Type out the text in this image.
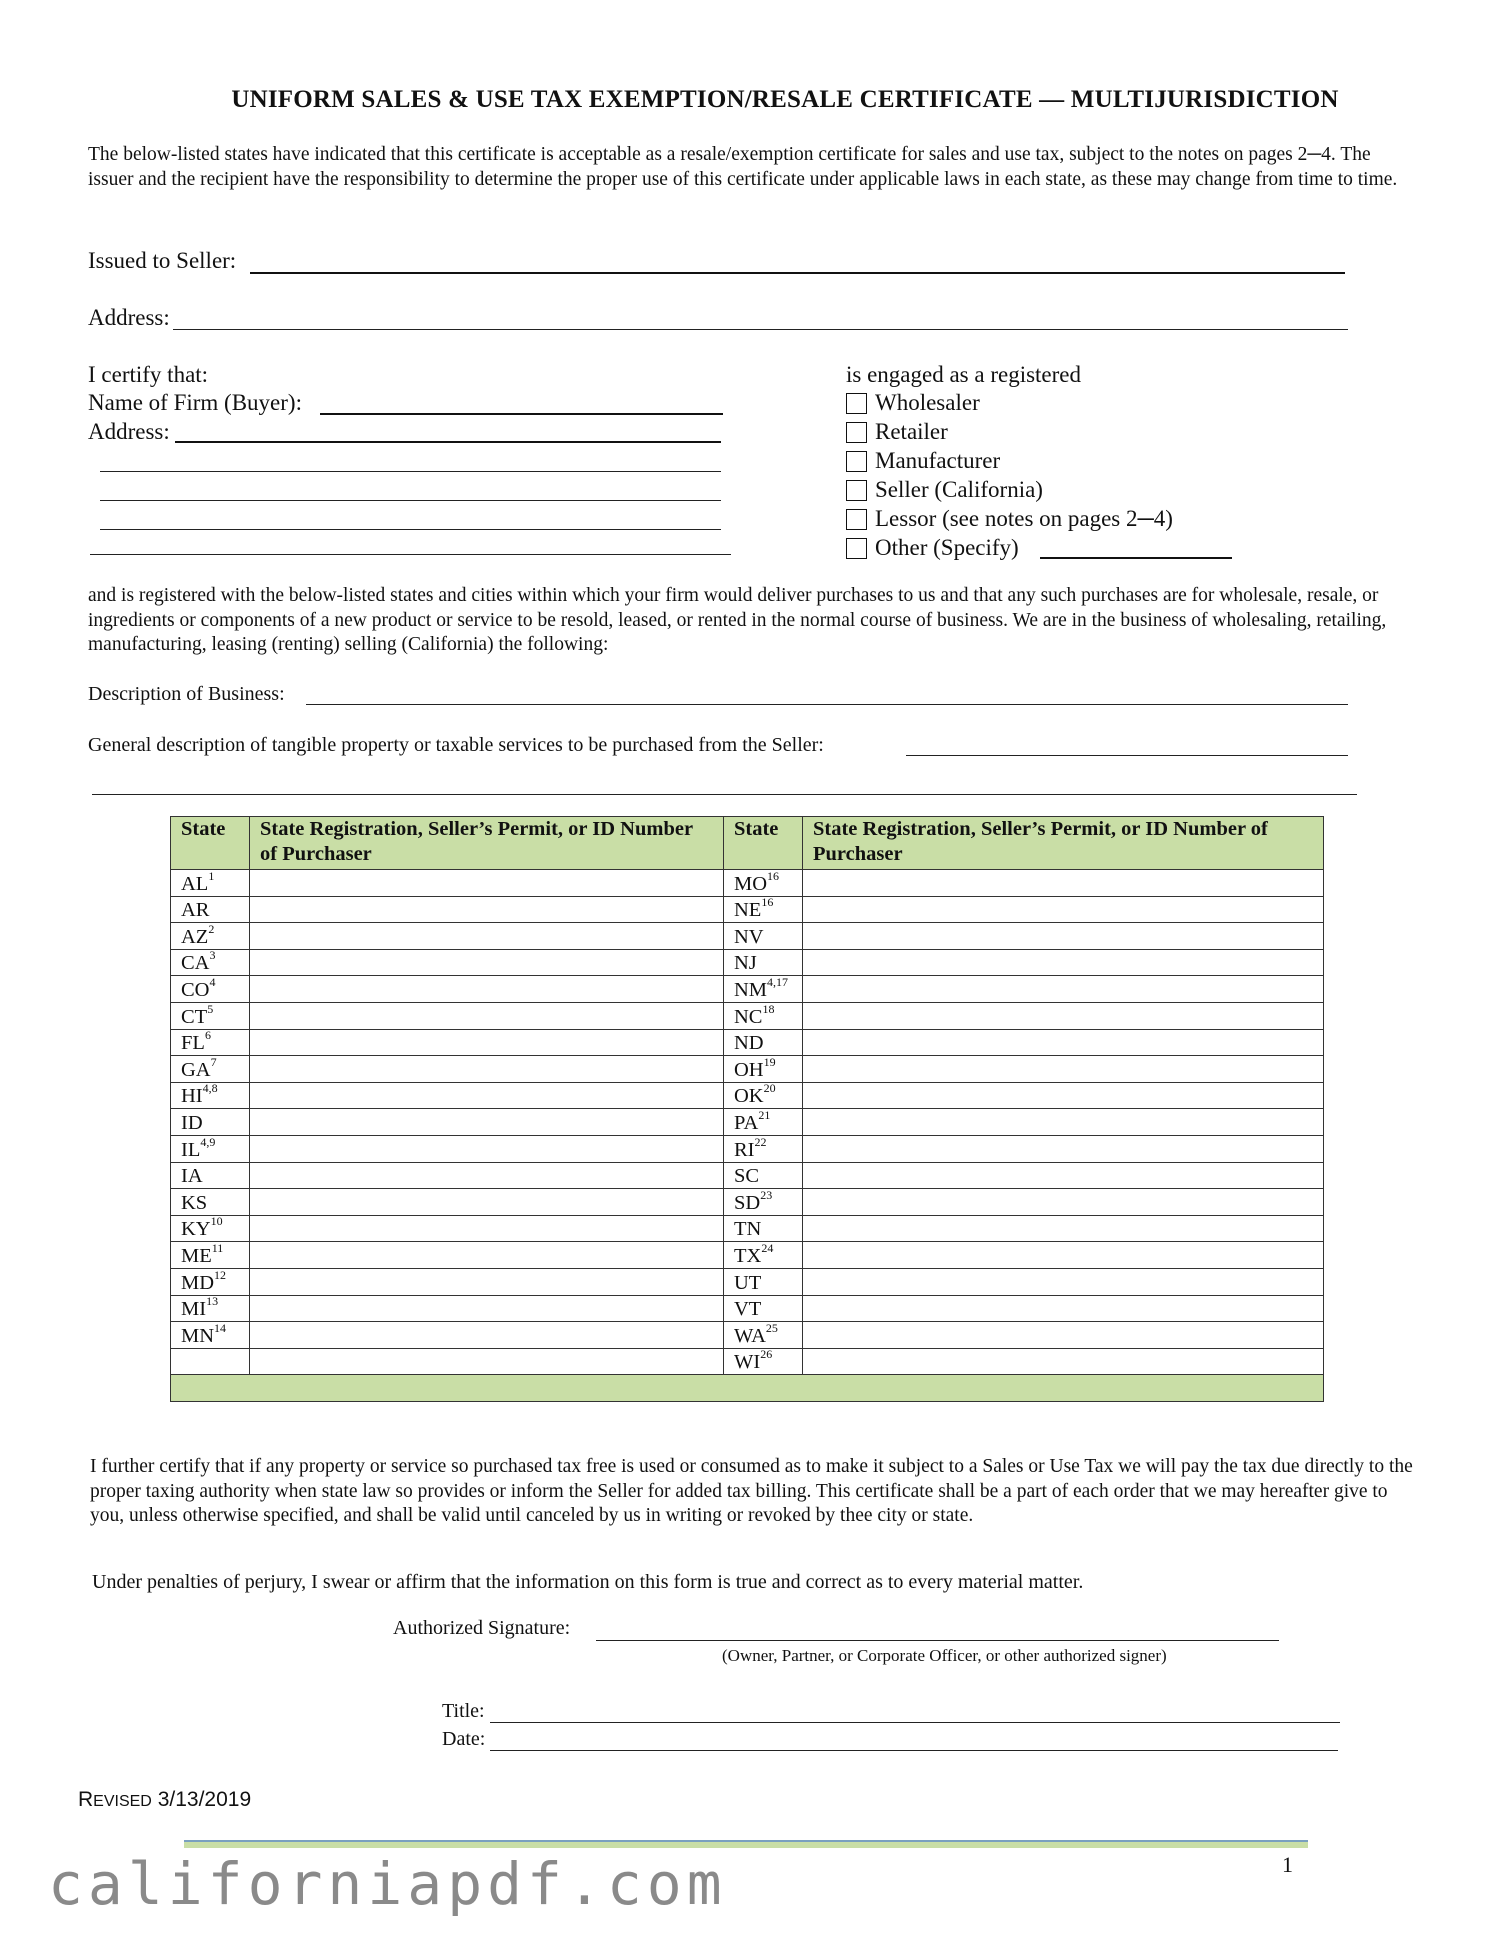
UNIFORM SALES & USE TAX EXEMPTION/RESALE CERTIFICATE — MULTIJURISDICTION
The below-listed states have indicated that this certificate is acceptable as a resale/exemption certificate for sales and use tax, subject to the notes on pages 2─4. The issuer and the recipient have the responsibility to determine the proper use of this certificate under applicable laws in each state, as these may change from time to time.
Issued to Seller:
Address:
I certify that:
Name of Firm (Buyer):
Address:
is engaged as a registered
Wholesaler
Retailer
Manufacturer
Seller (California)
Lessor (see notes on pages 2─4)
Other (Specify)
and is registered with the below-listed states and cities within which your firm would deliver purchases to us and that any such purchases are for wholesale, resale, or ingredients or components of a new product or service to be resold, leased, or rented in the normal course of business. We are in the business of wholesaling, retailing, manufacturing, leasing (renting) selling (California) the following:
Description of Business:
General description of tangible property or taxable services to be purchased from the Seller:
State	State Registration, Seller’s Permit, or ID Number of Purchaser	State	State Registration, Seller’s Permit, or ID Number of Purchaser
$AL^1$		MO$^{16}$	
AR		NE$^{16}$	
$AZ^2$		NV	
$CA^3$		NJ	
$CO^4$		NM$^{4,17}$	
$CT^5$		NC$^{18}$	
$FL^6$		ND	
$GA^7$		OH$^{19}$	
HI$^{4,8}$		OK$^{20}$	
ID		PA$^{21}$	
IL$^{4,9}$		RI$^{22}$	
IA		SC	
KS		SD$^{23}$	
KY$^{10}$		TN	
ME$^{11}$		TX$^{24}$	
MD$^{12}$		UT	
MI$^{13}$		VT	
MN$^{14}$		WA$^{25}$	
		WI$^{26}$	

I further certify that if any property or service so purchased tax free is used or consumed as to make it subject to a Sales or Use Tax we will pay the tax due directly to the proper taxing authority when state law so provides or inform the Seller for added tax billing. This certificate shall be a part of each order that we may hereafter give to you, unless otherwise specified, and shall be valid until canceled by us in writing or revoked by thee city or state.
Under penalties of perjury, I swear or affirm that the information on this form is true and correct as to every material matter.
Authorized Signature:
(Owner, Partner, or Corporate Officer, or other authorized signer)
Title:
Date:
REVISED 3/13/2019
californiapdf.com	1
